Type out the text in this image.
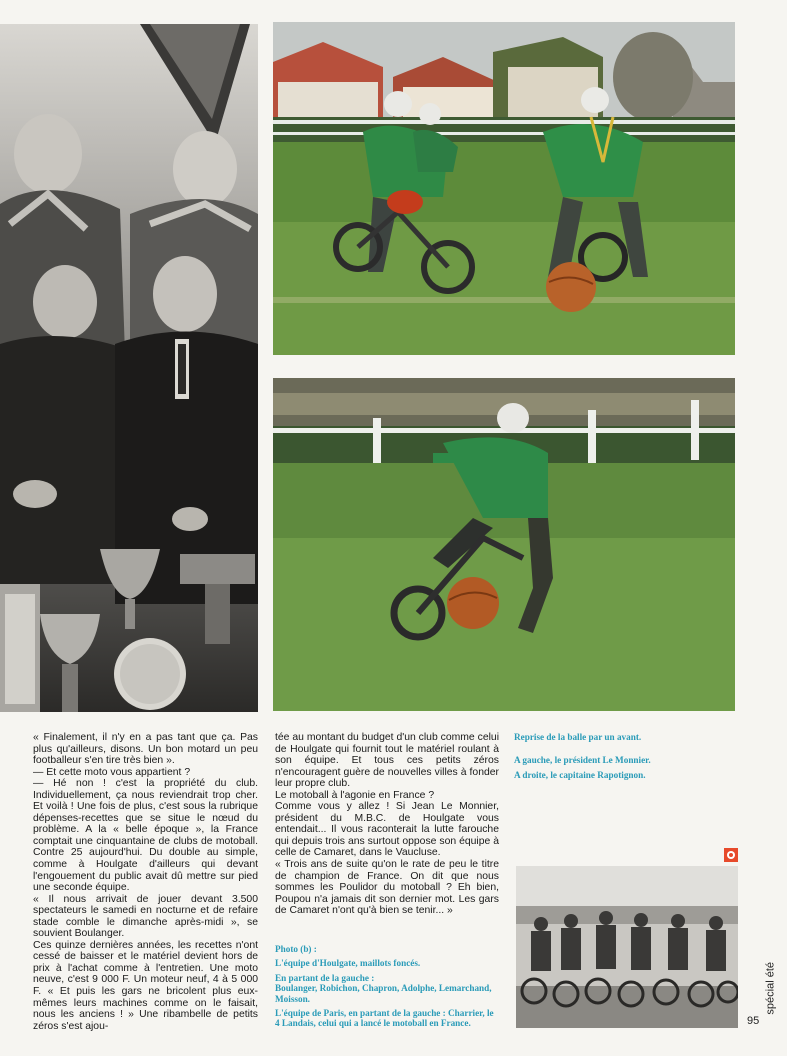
« Finalement, il n'y en a pas tant que ça. Pas plus qu'ailleurs, disons. Un bon motard un peu footballeur s'en tire très bien ».

— Et cette moto vous appartient ?

— Hé non ! c'est la propriété du club. Individuellement, ça nous reviendrait trop cher. Et voilà ! Une fois de plus, c'est sous la rubrique dépenses-recettes que se situe le nœud du problème. A la « belle époque », la France comptait une cinquantaine de clubs de motoball. Contre 25 aujourd'hui. Du double au simple, comme à Houlgate d'ailleurs qui devant l'engouement du public avait dû mettre sur pied une seconde équipe.

« Il nous arrivait de jouer devant 3.500 spectateurs le samedi en nocturne et de refaire stade comble le dimanche après-midi », se souvient Boulanger.

Ces quinze dernières années, les recettes n'ont cessé de baisser et le matériel devient hors de prix à l'achat comme à l'entretien. Une moto neuve, c'est 9 000 F. Un moteur neuf, 4 à 5 000 F. « Et puis les gars ne bricolent plus eux-mêmes leurs machines comme on le faisait, nous les anciens ! » Une ribambelle de petits zéros s'est ajou-

tée au montant du budget d'un club comme celui de Houlgate qui fournit tout le matériel roulant à son équipe. Et tous ces petits zéros n'encouragent guère de nouvelles villes à fonder leur propre club.

Le motoball à l'agonie en France ?

Comme vous y allez ! Si Jean Le Monnier, président du M.B.C. de Houlgate vous entendait... Il vous raconterait la lutte farouche qui depuis trois ans surtout oppose son équipe à celle de Camaret, dans le Vaucluse.

« Trois ans de suite qu'on le rate de peu le titre de champion de France. On dit que nous sommes les Poulidor du motoball ? Eh bien, Poupou n'a jamais dit son dernier mot. Les gars de Camaret n'ont qu'à bien se tenir... »

Photo (b) :

L'équipe d'Houlgate, maillots foncés.

En partant de la gauche :

Boulanger, Robichon, Chapron, Adolphe, Lemarchand, Moisson.

L'équipe de Paris, en partant de la gauche : Charrier, le 4 Landais, celui qui a lancé le motoball en France.

Reprise de la balle par un avant.

A gauche, le président Le Monnier.

A droite, le capitaine Rapotignon.

spécial été
95
